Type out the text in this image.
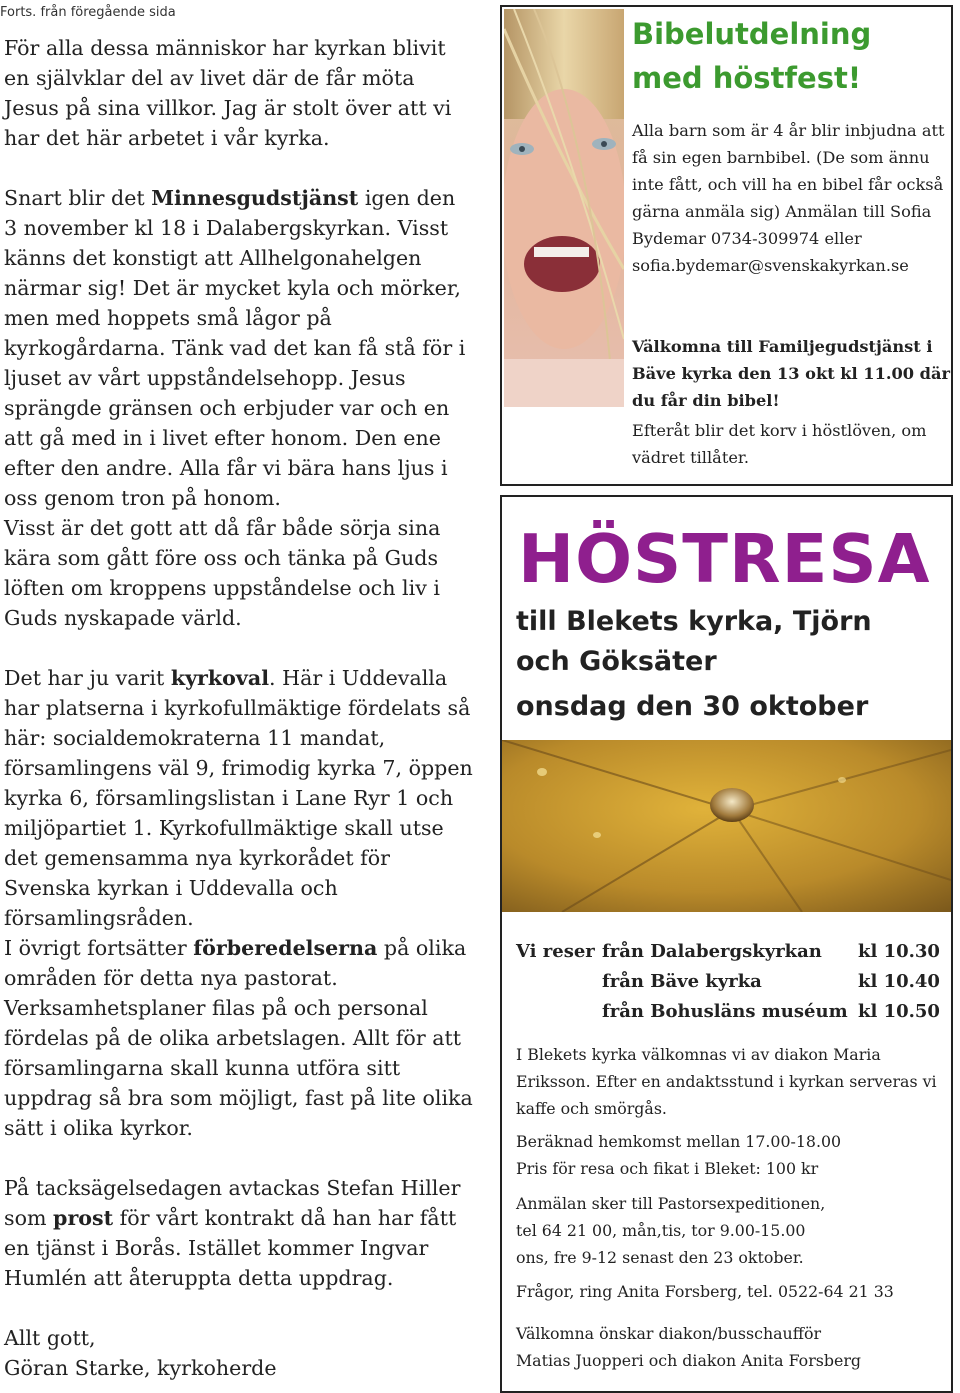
Forts. från föregående sida

För alla dessa människor har kyrkan blivit en självklar del av livet där de får möta Jesus på sina villkor. Jag är stolt över att vi har det här arbetet i vår kyrka.

Snart blir det Minnesgudstjänst igen den 3 november kl 18 i Dalabergskyrkan. Visst känns det konstigt att Allhelgonahelgen närmar sig! Det är mycket kyla och mörker, men med hoppets små lågor på kyrkogårdarna. Tänk vad det kan få stå för i ljuset av vårt uppståndelsehopp. Jesus sprängde gränsen och erbjuder var och en att gå med in i livet efter honom. Den ene efter den andre. Alla får vi bära hans ljus i oss genom tron på honom.
Visst är det gott att då får både sörja sina kära som gått före oss och tänka på Guds löften om kroppens uppståndelse och liv i Guds nyskapade värld.

Det har ju varit kyrkoval. Här i Uddevalla har platserna i kyrkofullmäktige fördelats så här: socialdemokraterna 11 mandat, församlingens väl 9, frimodig kyrka 7, öppen kyrka 6, församlingslistan i Lane Ryr 1 och miljöpartiet 1. Kyrkofullmäktige skall utse det gemensamma nya kyrkorådet för Svenska kyrkan i Uddevalla och församlingsråden.

I övrigt fortsätter förberedelserna på olika områden för detta nya pastorat. Verksamhetsplaner filas på och personal fördelas på de olika arbetslagen. Allt för att församlingarna skall kunna utföra sitt uppdrag så bra som möjligt, fast på lite olika sätt i olika kyrkor.

På tacksägelsedagen avtackas Stefan Hiller som prost för vårt kontrakt då han har fått en tjänst i Borås. Istället kommer Ingvar Humlén att återuppta detta uppdrag.

Allt gott,
Göran Starke, kyrkoherde

Bibelutdelning
med höstfest!
Alla barn som är 4 år blir inbjudna att få sin egen barnbibel. (De som ännu inte fått, och vill ha en bibel får också gärna anmäla sig) Anmälan till Sofia Bydemar 0734-309974 eller sofia.bydemar@svenskakyrkan.se
Välkomna till Familjegudstjänst i Bäve kyrka den 13 okt kl 11.00 där du får din bibel!
Efteråt blir det korv i höstlöven, om vädret tillåter.
HÖSTRESA
till Blekets kyrka, Tjörn
och Göksäter
onsdag den 30 oktober
Vi reser från Dalabergskyrkan kl 10.30
från Bäve kyrka	kl 10.40
från Bohusläns muséum kl 10.50
I Blekets kyrka välkomnas vi av diakon Maria Eriksson. Efter en andaktsstund i kyrkan serveras vi kaffe och smörgås.
Beräknad hemkomst mellan 17.00-18.00
Pris för resa och fikat i Bleket: 100 kr
Anmälan sker till Pastorsexpeditionen,
tel 64 21 00, mån,tis, tor 9.00-15.00
ons, fre 9-12 senast den 23 oktober.
Frågor, ring Anita Forsberg, tel. 0522-64 21 33
Välkomna önskar diakon/busschaufför
Matias Juopperi och diakon Anita Forsberg
